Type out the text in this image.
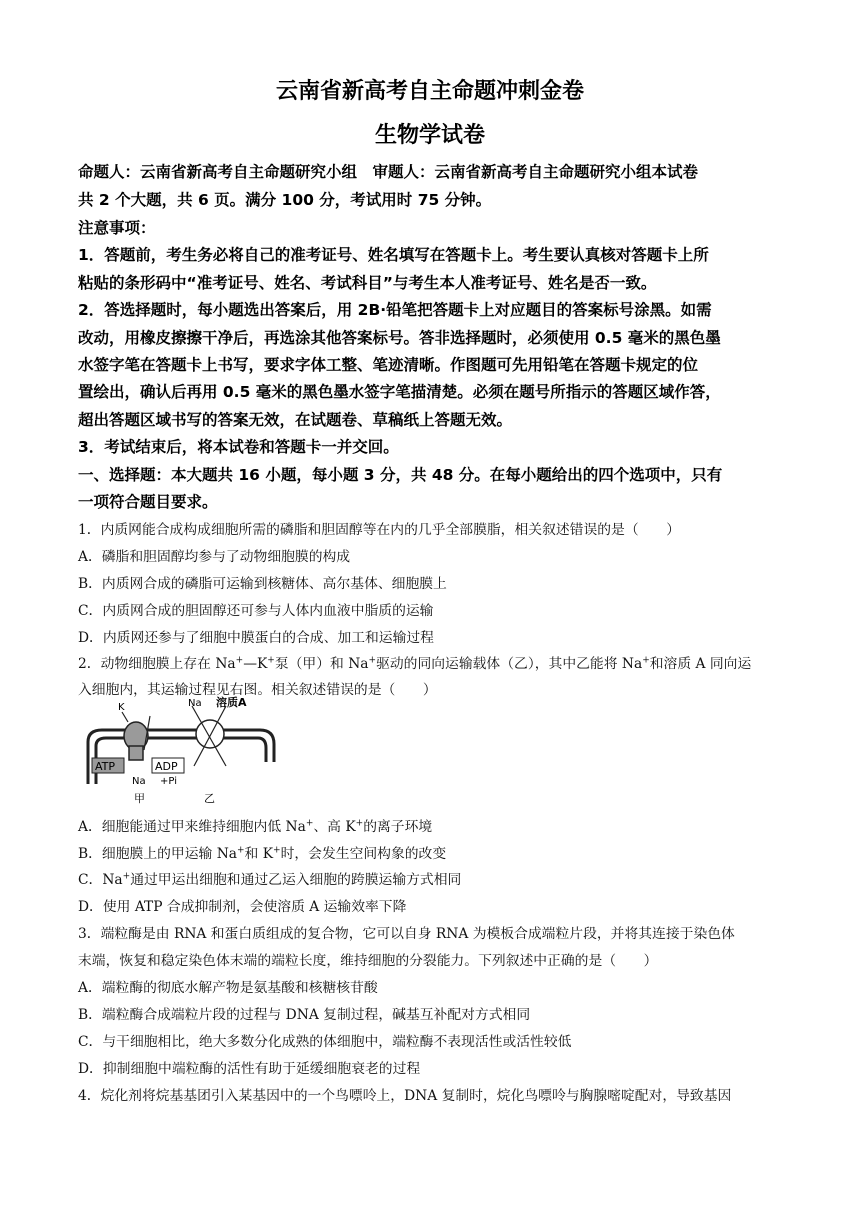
云南省新高考自主命题冲刺金卷
生物学试卷
命题人：云南省新高考自主命题研究小组　审题人：云南省新高考自主命题研究小组本试卷
共 2 个大题，共 6 页。满分 100 分，考试用时 75 分钟。
注意事项：
1．答题前，考生务必将自己的准考证号、姓名填写在答题卡上。考生要认真核对答题卡上所
粘贴的条形码中“准考证号、姓名、考试科目”与考生本人准考证号、姓名是否一致。
2．答选择题时，每小题选出答案后，用 2B·铅笔把答题卡上对应题目的答案标号涂黑。如需
改动，用橡皮擦擦干净后，再选涂其他答案标号。答非选择题时，必须使用 0.5 毫米的黑色墨
水签字笔在答题卡上书写，要求字体工整、笔迹清晰。作图题可先用铅笔在答题卡规定的位
置绘出，确认后再用 0.5 毫米的黑色墨水签字笔描清楚。必须在题号所指示的答题区域作答，
超出答题区域书写的答案无效，在试题卷、草稿纸上答题无效。
3．考试结束后，将本试卷和答题卡一并交回。
一、选择题：本大题共 16 小题，每小题 3 分，共 48 分。在每小题给出的四个选项中，只有
一项符合题目要求。
1．内质网能合成构成细胞所需的磷脂和胆固醇等在内的几乎全部膜脂，相关叙述错误的是（　　）
A．磷脂和胆固醇均参与了动物细胞膜的构成
B．内质网合成的磷脂可运输到核糖体、高尔基体、细胞膜上
C．内质网合成的胆固醇还可参与人体内血液中脂质的运输
D．内质网还参与了细胞中膜蛋白的合成、加工和运输过程
2．动物细胞膜上存在 Na+—K+泵（甲）和 Na+驱动的同向运输载体（乙），其中乙能将 Na+和溶质 A 同向运
入细胞内，其运输过程见右图。相关叙述错误的是（　　）
ATP	ADP
+Pi
K	Na 溶质A
Na
甲	乙
A．细胞能通过甲来维持细胞内低 Na+、高 K+的离子环境
B．细胞膜上的甲运输 Na+和 K+时，会发生空间构象的改变
C．Na+通过甲运出细胞和通过乙运入细胞的跨膜运输方式相同
D．使用 ATP 合成抑制剂，会使溶质 A 运输效率下降
3．端粒酶是由 RNA 和蛋白质组成的复合物，它可以自身 RNA 为模板合成端粒片段，并将其连接于染色体
末端，恢复和稳定染色体末端的端粒长度，维持细胞的分裂能力。下列叙述中正确的是（　　）
A．端粒酶的彻底水解产物是氨基酸和核糖核苷酸
B．端粒酶合成端粒片段的过程与 DNA 复制过程，碱基互补配对方式相同
C．与干细胞相比，绝大多数分化成熟的体细胞中，端粒酶不表现活性或活性较低
D．抑制细胞中端粒酶的活性有助于延缓细胞衰老的过程
4．烷化剂将烷基基团引入某基因中的一个鸟嘌呤上，DNA 复制时，烷化鸟嘌呤与胸腺嘧啶配对，导致基因
